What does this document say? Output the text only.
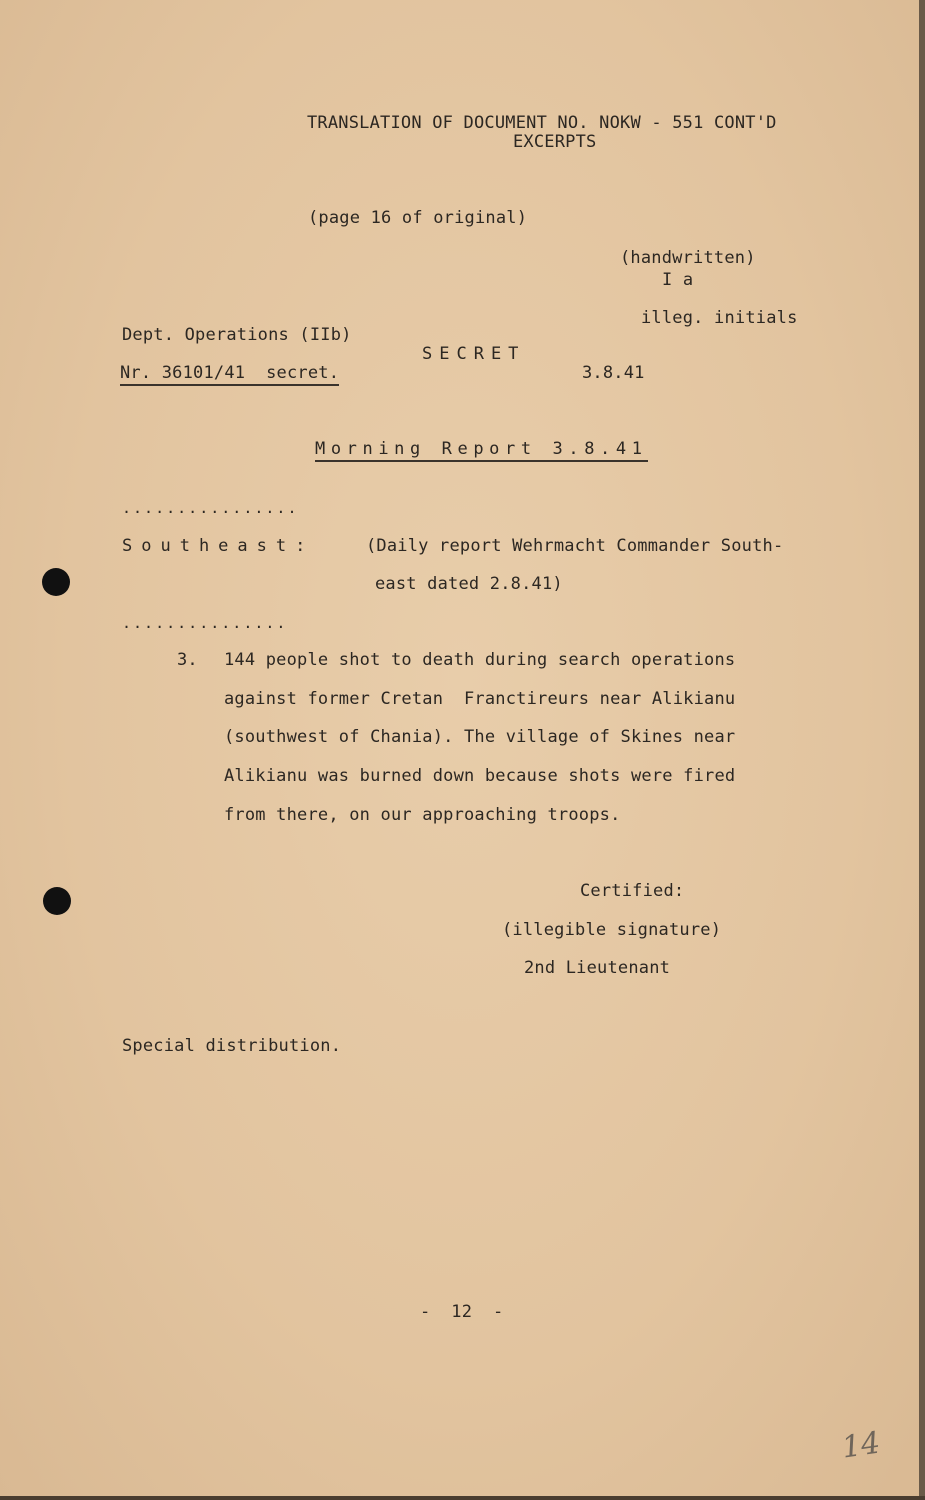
TRANSLATION OF DOCUMENT NO. NOKW - 551 CONT'D
EXCERPTS
(page 16 of original)
(handwritten)
I a
illeg. initials
Dept. Operations (IIb)
SECRET
Nr. 36101/41  secret.	3.8.41
Morning Report 3.8.41
................
Southeast:	(Daily report Wehrmacht Commander South-
east dated 2.8.41)
...............
3. 144 people shot to death during search operations
against former Cretan  Franctireurs near Alikianu
(southwest of Chania). The village of Skines near
Alikianu was burned down because shots were fired
from there, on our approaching troops.
Certified:
(illegible signature)
2nd Lieutenant
Special distribution.
-  12  -
14
